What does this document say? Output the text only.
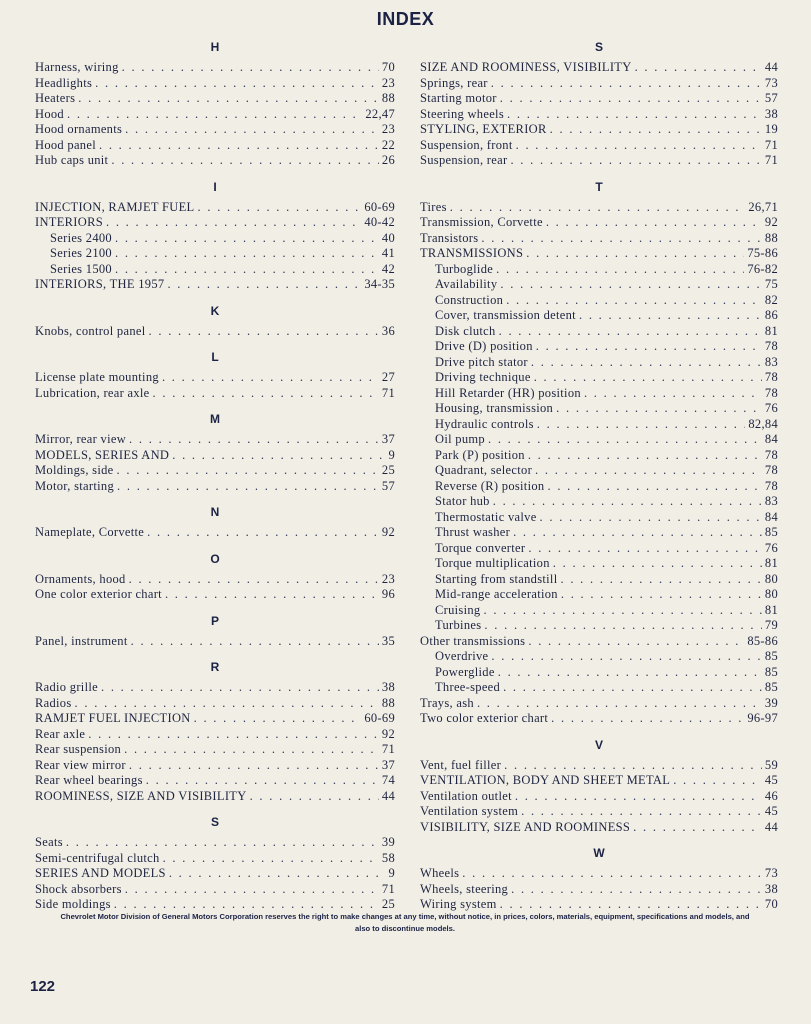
INDEX
H
Harness, wiring . . .	70
Headlights . . .	23
Heaters . . .	88
Hood . . .	22,47
Hood ornaments . . .	23
Hood panel . . .	22
Hub caps unit . . .	26
I
INJECTION, RAMJET FUEL . . .	60-69
INTERIORS . . .	40-42
Series 2400 . . .	40
Series 2100 . . .	41
Series 1500 . . .	42
INTERIORS, THE 1957 . . .	34-35
K
Knobs, control panel . . .	36
L
License plate mounting . . .	27
Lubrication, rear axle . . .	71
M
Mirror, rear view . . .	37
MODELS, SERIES AND . . .	9
Moldings, side . . .	25
Motor, starting . . .	57
N
Nameplate, Corvette . . .	92
O
Ornaments, hood . . .	23
One color exterior chart . . .	96
P
Panel, instrument . . .	35
R
Radio grille . . .	38
Radios . . .	88
RAMJET FUEL INJECTION . . .	60-69
Rear axle . . .	92
Rear suspension . . .	71
Rear view mirror . . .	37
Rear wheel bearings . . .	74
ROOMINESS, SIZE AND VISIBILITY . . .	44
S
Seats . . .	39
Semi-centrifugal clutch . . .	58
SERIES AND MODELS . . .	9
Shock absorbers . . .	71
Side moldings . . .	25
S
SIZE AND ROOMINESS, VISIBILITY . . .	44
Springs, rear . . .	73
Starting motor . . .	57
Steering wheels . . .	38
STYLING, EXTERIOR . . .	19
Suspension, front . . .	71
Suspension, rear . . .	71
T
Tires . . .	26,71
Transmission, Corvette . . .	92
Transistors . . .	88
TRANSMISSIONS . . .	75-86
Turboglide . . .	76-82
Availability . . .	75
Construction . . .	82
Cover, transmission detent . . .	86
Disk clutch . . .	81
Drive (D) position . . .	78
Drive pitch stator . . .	83
Driving technique . . .	78
Hill Retarder (HR) position . . .	78
Housing, transmission . . .	76
Hydraulic controls . . .	82,84
Oil pump . . .	84
Park (P) position . . .	78
Quadrant, selector . . .	78
Reverse (R) position . . .	78
Stator hub . . .	83
Thermostatic valve . . .	84
Thrust washer . . .	85
Torque converter . . .	76
Torque multiplication . . .	81
Starting from standstill . . .	80
Mid-range acceleration . . .	80
Cruising . . .	81
Turbines . . .	79
Other transmissions . . .	85-86
Overdrive . . .	85
Powerglide . . .	85
Three-speed . . .	85
Trays, ash . . .	39
Two color exterior chart . . .	96-97
V
Vent, fuel filler . . .	59
VENTILATION, BODY AND SHEET METAL . . .	45
Ventilation outlet . . .	46
Ventilation system . . .	45
VISIBILITY, SIZE AND ROOMINESS . . .	44
W
Wheels . . .	73
Wheels, steering . . .	38
Wiring system . . .	70
Chevrolet Motor Division of General Motors Corporation reserves the right to make changes at any time, without notice, in prices, colors, materials, equipment, specifications and models, and also to discontinue models.
122
